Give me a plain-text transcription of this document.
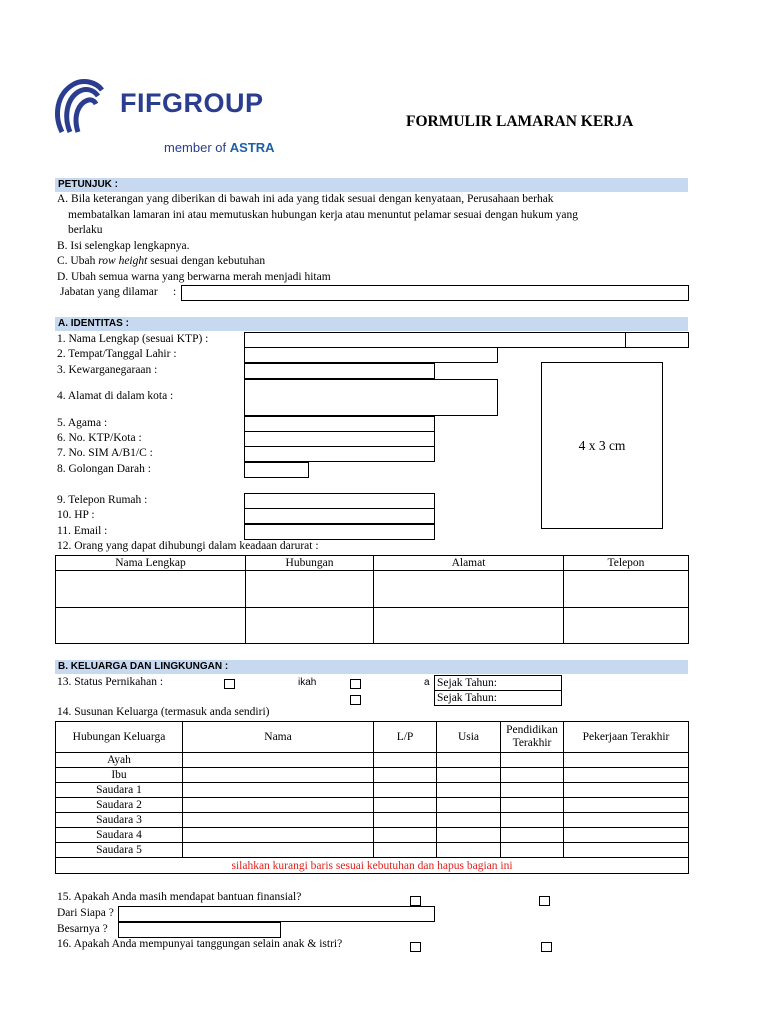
FIFGROUP
member of ASTRA
FORMULIR LAMARAN KERJA
PETUNJUK :
A. Bila keterangan yang diberikan di bawah ini ada yang tidak sesuai dengan kenyataan, Perusahaan berhak
membatalkan lamaran ini atau memutuskan hubungan kerja atau menuntut pelamar sesuai dengan hukum yang
berlaku
B. Isi selengkap lengkapnya.
C. Ubah row height sesuai dengan kebutuhan
D. Ubah semua warna yang berwarna merah menjadi hitam
Jabatan yang dilamar :
A. IDENTITAS :
1. Nama Lengkap (sesuai KTP) :
2. Tempat/Tanggal Lahir :
3. Kewarganegaraan :
4. Alamat di dalam kota :
5. Agama :
6. No. KTP/Kota :
7. No. SIM A/B1/C :
8. Golongan Darah :
9. Telepon Rumah :
10. HP :
11. Email :
4 x 3 cm
12. Orang yang dapat dihubungi dalam keadaan darurat :
Nama Lengkap	Hubungan	Alamat	Telepon

B. KELUARGA DAN LINGKUNGAN :
13. Status Pernikahan :	ikah	a Sejak Tahun:
Sejak Tahun:
14. Susunan Keluarga (termasuk anda sendiri)
Hubungan Keluarga	Nama	L/P	Usia	Pendidikan Terakhir	Pekerjaan Terakhir
Ayah					
Ibu					
Saudara 1					
Saudara 2					
Saudara 3					
Saudara 4					
Saudara 5					
silahkan kurangi baris sesuai kebutuhan dan hapus bagian ini					
15. Apakah Anda masih mendapat bantuan finansial?
Dari Siapa ?
Besarnya ?
16. Apakah Anda mempunyai tanggungan selain anak & istri?
